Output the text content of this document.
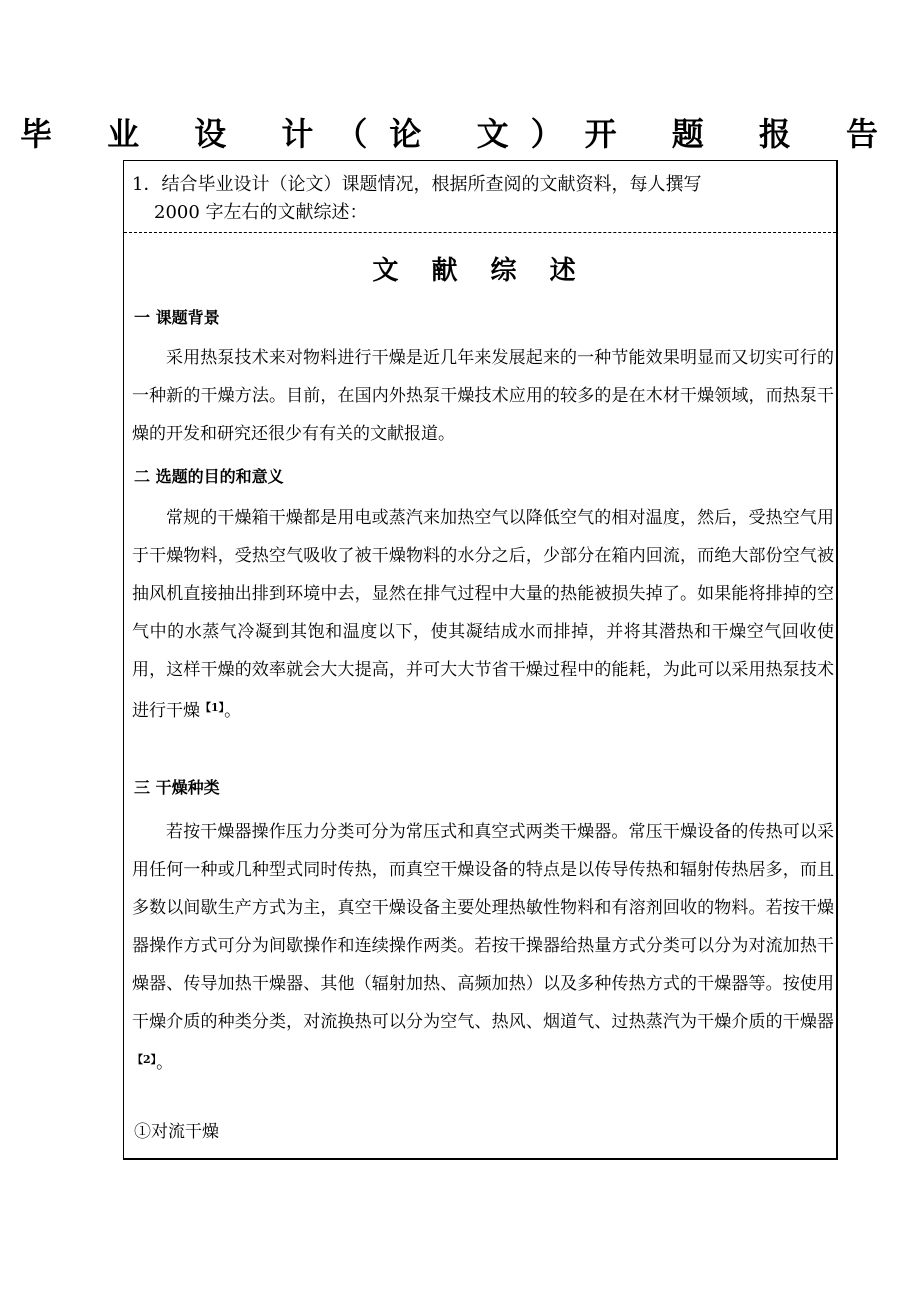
毕 业 设 计（论 文）开 题 报 告
1．结合毕业设计（论文）课题情况，根据所查阅的文献资料，每人撰写
2000 字左右的文献综述：
文 献 综 述
一 课题背景
采用热泵技术来对物料进行干燥是近几年来发展起来的一种节能效果明显而又切实可行的一种新的干燥方法。目前，在国内外热泵干燥技术应用的较多的是在木材干燥领域，而热泵干燥的开发和研究还很少有有关的文献报道。
二 选题的目的和意义
常规的干燥箱干燥都是用电或蒸汽来加热空气以降低空气的相对温度，然后，受热空气用于干燥物料，受热空气吸收了被干燥物料的水分之后，少部分在箱内回流，而绝大部份空气被抽风机直接抽出排到环境中去，显然在排气过程中大量的热能被损失掉了。如果能将排掉的空气中的水蒸气冷凝到其饱和温度以下，使其凝结成水而排掉，并将其潜热和干燥空气回收使用，这样干燥的效率就会大大提高，并可大大节省干燥过程中的能耗，为此可以采用热泵技术进行干燥$^{【1】}$。
三 干燥种类
若按干燥器操作压力分类可分为常压式和真空式两类干燥器。常压干燥设备的传热可以采用任何一种或几种型式同时传热，而真空干燥设备的特点是以传导传热和辐射传热居多，而且多数以间歇生产方式为主，真空干燥设备主要处理热敏性物料和有溶剂回收的物料。若按干燥器操作方式可分为间歇操作和连续操作两类。若按干操器给热量方式分类可以分为对流加热干燥器、传导加热干燥器、其他（辐射加热、高频加热）以及多种传热方式的干燥器等。按使用干燥介质的种类分类，对流换热可以分为空气、热风、烟道气、过热蒸汽为干燥介质的干燥器$^{【2】}$。
①对流干燥
